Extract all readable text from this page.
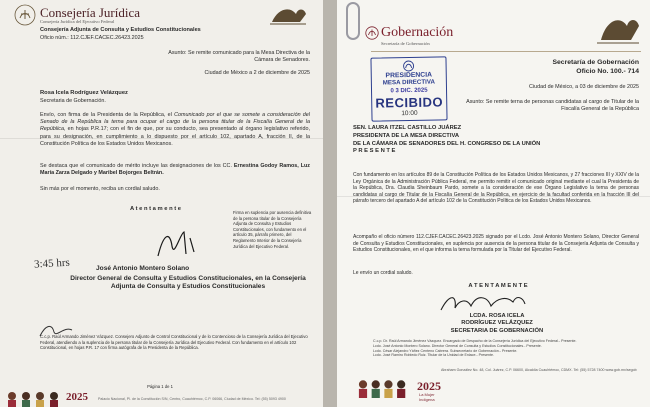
Consejería Jurídica
Consejería Jurídica del Ejecutivo Federal
Consejería Adjunta de Consulta y Estudios Constitucionales
Oficio núm.: 112.CJEF.CACEC.26423.2025
Asunto: Se remite comunicado para la Mesa Directiva de la Cámara de Senadores.
Ciudad de México a 2 de diciembre de 2025
Rosa Icela Rodríguez Velázquez
Secretaria de Gobernación.
Envío, con firma de la Presidenta de la República, el Comunicado por el que se somete a consideración del Senado de la República la terna para ocupar el cargo de la persona titular de la Fiscalía General de la República, en hojas P.R.17; con el fin de que, por su conducto, sea presentado al órgano legislativo referido, para su designación, en cumplimiento a lo dispuesto por el artículo 102, apartado A, fracción II, de la Constitución Política de los Estados Unidos Mexicanos.
Se destaca que el comunicado de mérito incluye las designaciones de los CC. Ernestina Godoy Ramos, Luz María Zarza Delgado y Maribel Bojorges Beltrán.
Sin más por el momento, reciba un cordial saludo.
A t e n t a m e n t e
Firma en suplencia por ausencia definitiva de la persona titular de la Consejería Adjunta de Consulta y Estudios Constitucionales, con fundamento en el artículo 35, párrafo primero, del Reglamento Interior de la Consejería Jurídica del Ejecutivo Federal.
3:45 hrs	José Antonio Montero Solano
Director General de Consulta y Estudios Constitucionales, en la Consejería Adjunta de Consulta y Estudios Constitucionales
C.c.p. Raúl Armando Jiménez Vázquez. Consejero Adjunto de Control Constitucional y de lo Contencioso de la Consejería Jurídica del Ejecutivo Federal, atendiendo a la suplencia de la persona titular de la Consejería Jurídica del Ejecutivo Federal. Con fundamento en el artículo 102 Constitucional, en hojas P.R. 17 con firma autógrafa de la Presidenta de la República.
Página 1 de 1
2025	Palacio Nacional, Pl. de la Constitución S/N, Centro, Cuauhtémoc, C.P. 06066, Ciudad de México. Tel: (55) 5093 4900
Gobernación
Secretaría de Gobernación
Secretaría de Gobernación
Oficio No. 100.- 714
Ciudad de México, a 03 de diciembre de 2025
Asunto: Se remite terna de personas candidatas al cargo de Titular de la Fiscalía General de la República
SEN. LAURA ITZEL CASTILLO JUÁREZ
PRESIDENTA DE LA MESA DIRECTIVA
DE LA CÁMARA DE SENADORES DEL H. CONGRESO DE LA UNIÓN
P R E S E N T E
Con fundamento en los artículos 89 de la Constitución Política de los Estados Unidos Mexicanos, y 27 fracciones III y XXIV de la Ley Orgánica de la Administración Pública Federal, me permito remitir el comunicado original mediante el cual la Presidenta de la República, Dra. Claudia Sheinbaum Pardo, somete a la consideración de ese Órgano Legislativo la terna de personas candidatas al cargo de Titular de la Fiscalía General de la República, en ejercicio de la facultad conferida en la fracción III del párrafo tercero del apartado A del artículo 102 de la Constitución Política de los Estados Unidos Mexicanos.
Acompaño el oficio número 112.CJEF.CACEC.26423.2025 signado por el Lcdo. José Antonio Montero Solano, Director General de Consulta y Estudios Constitucionales, en suplencia por ausencia de la persona titular de la Consejería Adjunta de Consulta y Estudios Constitucionales, en el que informa la terna formulada por la Titular del Ejecutivo Federal.
Le envío un cordial saludo.
A T E N T A M E N T E
LCDA. ROSA ICELA
RODRÍGUEZ VELÁZQUEZ
SECRETARIA DE GOBERNACIÓN
C.c.p. Dr. Raúl Armando Jiménez Vázquez. Encargado de Despacho de la Consejería Jurídica del Ejecutivo Federal.- Presente.
Lcdo. José Antonio Montero Solano. Director General de Consulta y Estudios Constitucionales.- Presente.
Lcdo. César Alejandro Yáñez Centeno Cabrera. Subsecretario de Gobernación.- Presente.
Lcdo. José Ramiro Robledo Ruiz. Titular de la Unidad de Enlace.- Presente.
Abraham González No. 48, Col. Juárez, C.P. 06600, Alcaldía Cuauhtémoc, CDMX. Tel: (55) 5728 7400 www.gob.mx/segob
2025
La Mujer
Indígena
PRESIDENCIA
MESA DIRECTIVA
0 3 DIC. 2025
RECIBIDO
10:00
